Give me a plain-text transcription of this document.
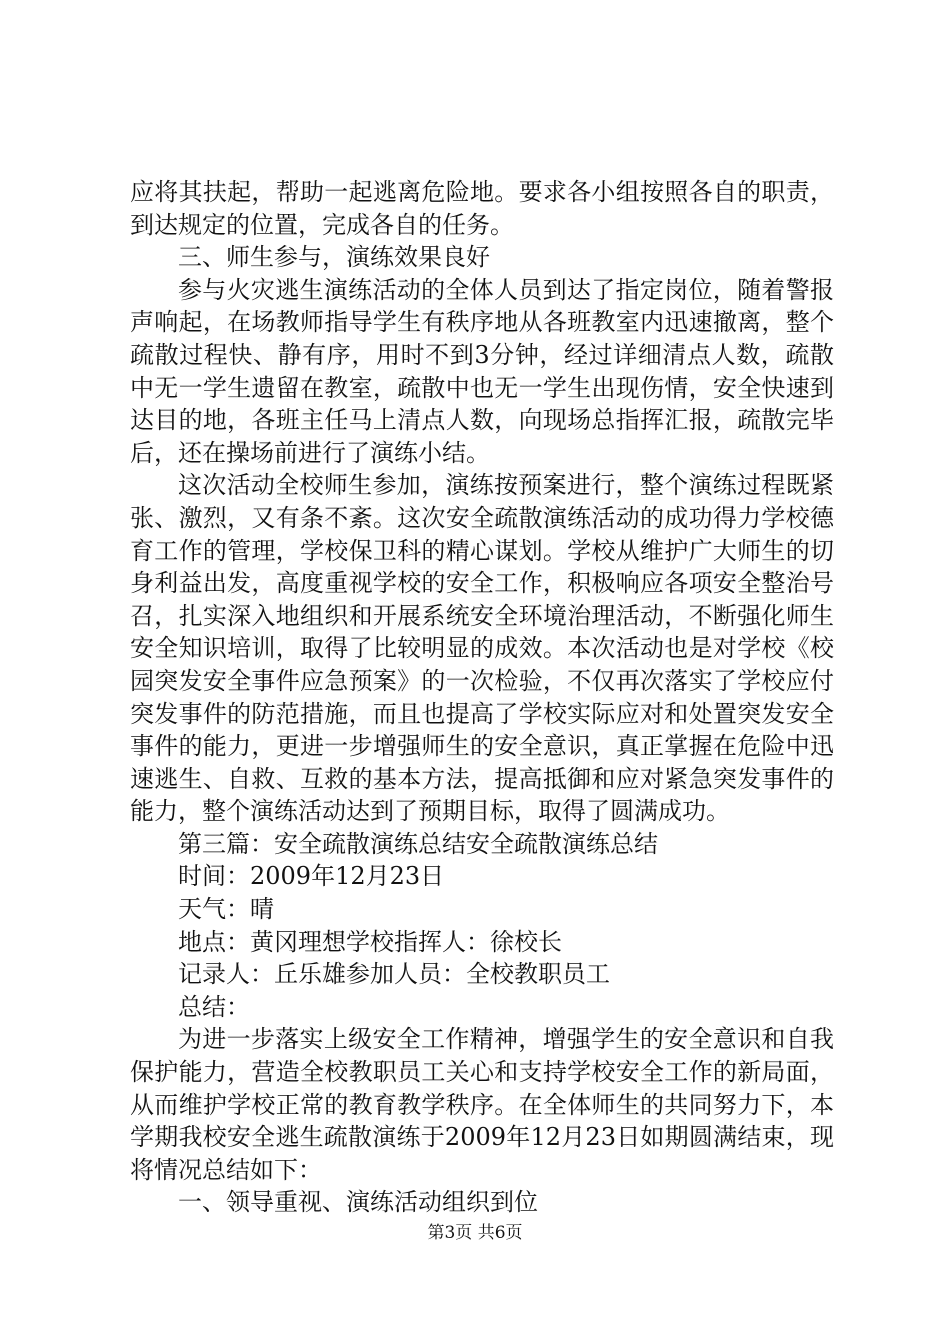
应将其扶起，帮助一起逃离危险地。要求各小组按照各自的职责，到达规定的位置，完成各自的任务。

三、师生参与，演练效果良好

参与火灾逃生演练活动的全体人员到达了指定岗位，随着警报声响起，在场教师指导学生有秩序地从各班教室内迅速撤离，整个疏散过程快、静有序，用时不到3分钟，经过详细清点人数，疏散中无一学生遗留在教室，疏散中也无一学生出现伤情，安全快速到达目的地，各班主任马上清点人数，向现场总指挥汇报，疏散完毕后，还在操场前进行了演练小结。

这次活动全校师生参加，演练按预案进行，整个演练过程既紧张、激烈，又有条不紊。这次安全疏散演练活动的成功得力学校德育工作的管理，学校保卫科的精心谋划。学校从维护广大师生的切身利益出发，高度重视学校的安全工作，积极响应各项安全整治号召，扎实深入地组织和开展系统安全环境治理活动，不断强化师生安全知识培训，取得了比较明显的成效。本次活动也是对学校《校园突发安全事件应急预案》的一次检验，不仅再次落实了学校应付突发事件的防范措施，而且也提高了学校实际应对和处置突发安全事件的能力，更进一步增强师生的安全意识，真正掌握在危险中迅速逃生、自救、互救的基本方法，提高抵御和应对紧急突发事件的能力，整个演练活动达到了预期目标，取得了圆满成功。

第三篇：安全疏散演练总结安全疏散演练总结

时间：2009年12月23日

天气：晴

地点：黄冈理想学校指挥人：徐校长

记录人：丘乐雄参加人员：全校教职员工

总结：

为进一步落实上级安全工作精神，增强学生的安全意识和自我保护能力，营造全校教职员工关心和支持学校安全工作的新局面，从而维护学校正常的教育教学秩序。在全体师生的共同努力下，本学期我校安全逃生疏散演练于2009年12月23日如期圆满结束，现将情况总结如下：

一、领导重视、演练活动组织到位

第3页 共6页
